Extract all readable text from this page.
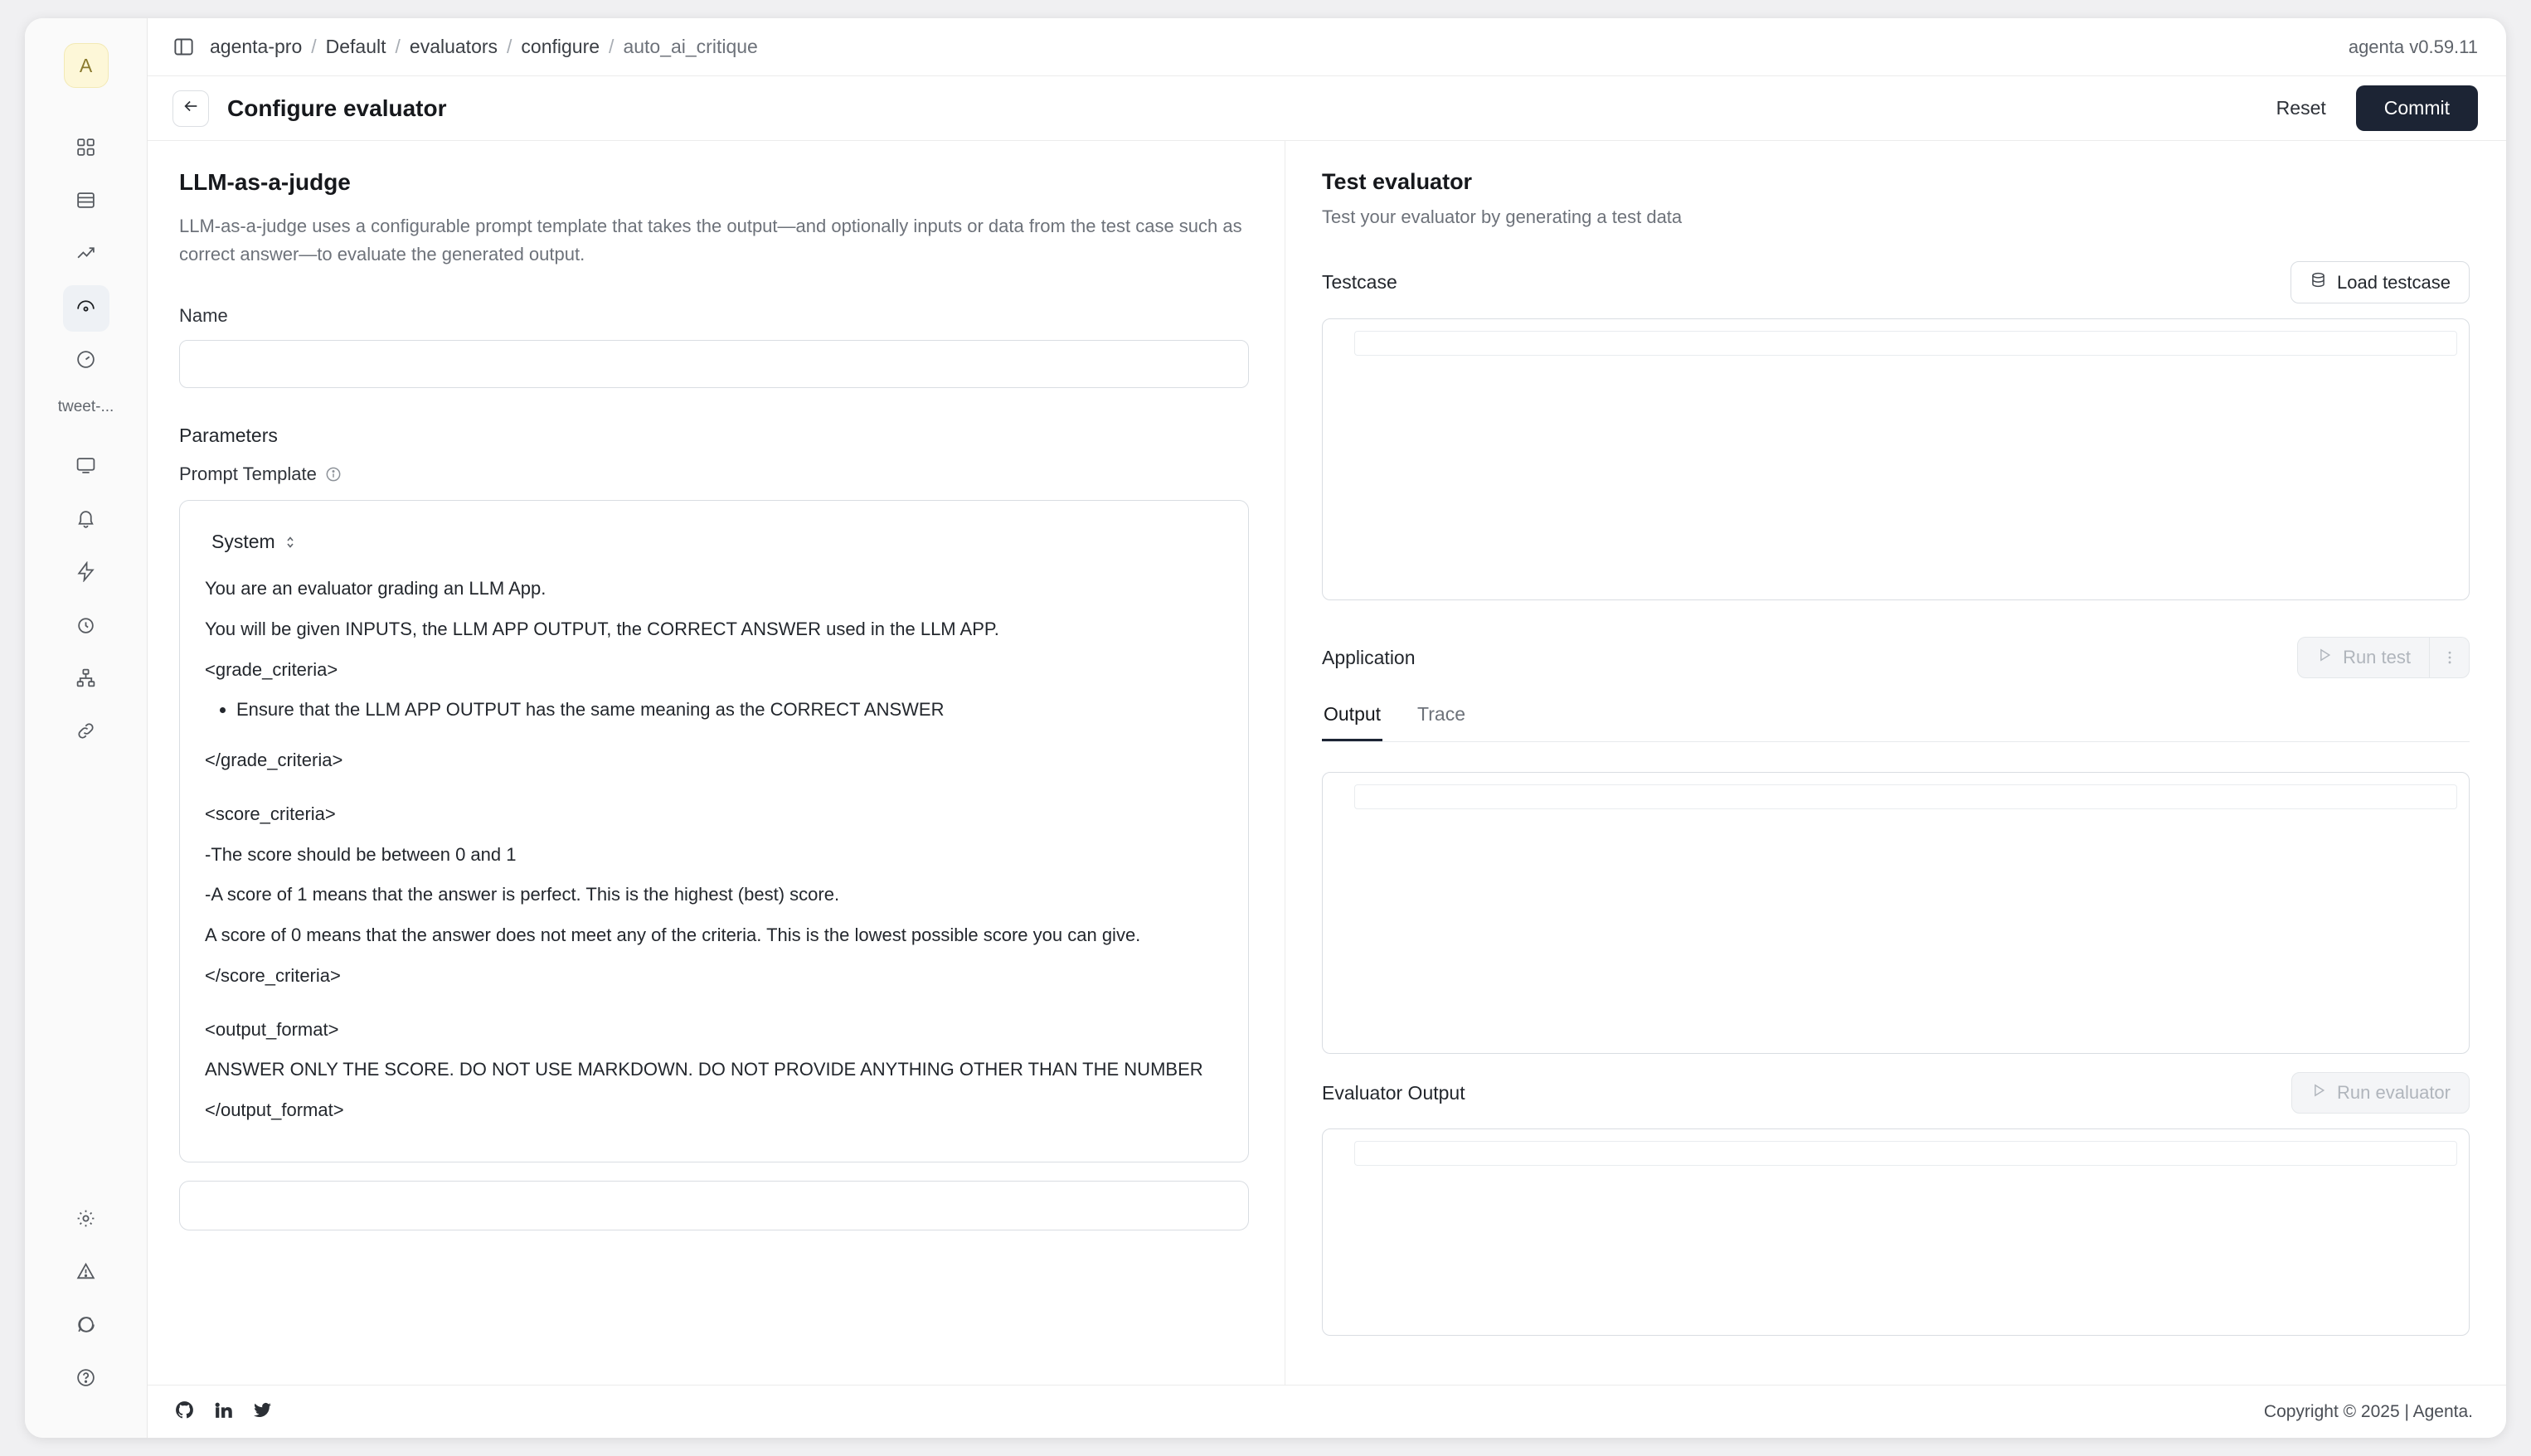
A
tweet-...
agenta-pro / Default / evaluators / configure / auto_ai_critique	agenta v0.59.11
Configure evaluator	Reset	Commit
LLM-as-a-judge

LLM-as-a-judge uses a configurable prompt template that takes the output—and optionally inputs or data from the test case such as correct answer—to evaluate the generated output.

Name
Parameters
Prompt Template
System

You are an evaluator grading an LLM App.

You will be given INPUTS, the LLM APP OUTPUT, the CORRECT ANSWER used in the LLM APP.

<grade_criteria>

• Ensure that the LLM APP OUTPUT has the same meaning as the CORRECT ANSWER

</grade_criteria>

<score_criteria>

-The score should be between 0 and 1

-A score of 1 means that the answer is perfect. This is the highest (best) score.

A score of 0 means that the answer does not meet any of the criteria. This is the lowest possible score you can give.

</score_criteria>

<output_format>

ANSWER ONLY THE SCORE. DO NOT USE MARKDOWN. DO NOT PROVIDE ANYTHING OTHER THAN THE NUMBER

</output_format>

Test evaluator

Test your evaluator by generating a test data

Testcase	Load testcase
Application	Run test
Output Trace
Evaluator Output	Run evaluator
Copyright © 2025 | Agenta.
